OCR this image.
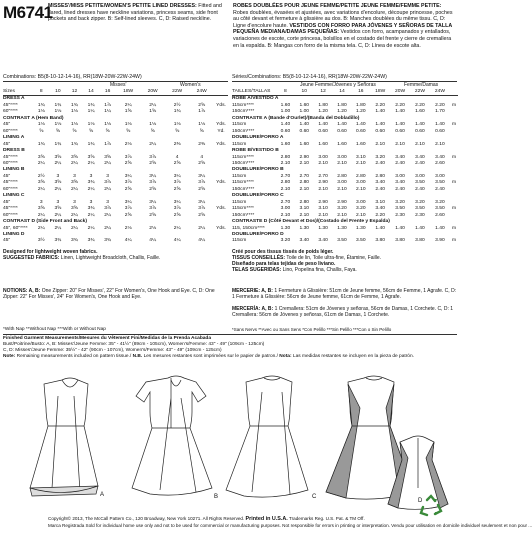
M6741
MISSES'/MISS PETITE/WOMEN'S PETITE LINED DRESSES: Fitted and flared, lined dresses have neckline variations, princess seams, side front pockets and back zipper. B: Self-lined sleeves. C, D: Raised neckline.
ROBES DOUBLÉES POUR JEUNE FEMME/PETITE JEUNE FEMME/FEMME PETITE: Robes doublées, évasées et ajustées, avec variations d'encolure, découpe princesse, poches au côté devant et fermeture à glissière au dos. B: Manches doublées du même tissu. C, D: Ligne d'encolure haute. VESTIDOS CON FORRO PARA JÓVENES Y SEÑORAS DE TALLA PEQUEÑA MEDIANA/DAMAS PEQUEÑAS: Vestidos con forro, acampanados y entallados, variaciones de escote, corte princesa, bolsillos en el costado del frente y cierre de cremallera en la espalda. B: Mangas con forro de la misma tela. C, D: Línea de escote alta.
Combinations: B5(8-10-12-14-16), RR(18W-20W-22W-24W)	Séries/Combinations: B5(8-10-12-14-16), RR(18W-20W-22W-24W)
Misses'	Women's	Jeune Femme/Jóvenes y Señoras	Femme/Damas
Sizes	8	10	12	14	16	18W	20W	22W	24W	
DRESS A										
45"****	1¾	1¾	1¾	1¾	1⅞	2¼	2¼	2½	2⅝	Yds.
60"****	1⅛	1⅛	1⅛	1¼	1¼	1⅝	1⅝	1¾	1⅞	
CONTRAST A (Hem Band)										
45"	1⅛	1⅛	1⅛	1⅛	1⅛	1⅛	1⅛	1⅛	1⅛	Yds.
60"****	⅝	⅝	⅝	⅝	⅝	⅝	⅝	⅝	⅝	Yd.
LINING A										
45"	1¾	1¾	1¾	1¾	1⅞	2⅛	2¼	2⅜	2⅜	Yds.
DRESS B										
45"****	3⅝	3⅝	3⅝	3⅝	3⅝	3⅞	3⅞	4	4	
60"****	2¼	2¼	2¼	2¼	2¼	2⅝	2⅝	2⅝	2⅝	
LINING B										
45"	2½	3	3	3	3	3¼	3¼	3¼	3¼	
45"****	3⅝	3⅝	3⅝	3¾	3⅞	3⅞	3⅞	3⅞	3⅞	Yds.
60"****	2¼	2¼	2¼	2¼	2¼	2⅝	2⅝	2⅝	2⅝	
LINING C										
45"	3	3	3	3	3	3¼	3¼	3¼	3¼	
45"****	3⅝	3⅝	3⅝	3¾	3⅞	3⅞	3⅞	3⅞	3⅞	Yds.
60"****	2¼	2¼	2¼	2¼	2¼	2⅝	2⅝	2⅝	2⅝	
CONTRAST D (Side Front and Back)										
45", 60"****	2¼	2¼	2¼	2¼	2¼	2⅛	2⅛	2¼	2¼	Yds.
LINING D										
45"	3½	3¾	3¾	3¾	3¾	4¼	4¼	4¼	4¼	
TAILLES/TALLAS	8	10	12	14	16	18W	20W	22W	24W	
ROBE A/VESTIDO A										
115cm****	1.60	1.60	1.80	1.80	1.80	2.20	2.20	2.20	2.20	m
150cm****	1.00	1.00	1.20	1.20	1.20	1.40	1.40	1.60	1.70	
CONTRASTE A (Bande d'Ourlet)/(Banda del Dobladillo)										
115cm	1.40	1.40	1.40	1.40	1.40	1.40	1.40	1.40	1.40	m
150cm****	0.60	0.60	0.60	0.60	0.60	0.60	0.60	0.60	0.60	
DOUBLURE/FORRO A										
115cm	1.60	1.60	1.60	1.60	1.60	2.10	2.10	2.10	2.10	
ROBE B/VESTIDO B										
115cm****	2.80	2.90	3.00	3.00	3.10	3.20	3.40	3.40	3.40	m
150cm****	2.10	2.10	2.10	2.10	2.10	2.40	2.40	2.40	2.60	
DOUBLURE/FORRO B										
115cm	2.70	2.70	2.70	2.80	2.80	2.80	3.00	3.00	3.00	
115cm****	2.80	2.80	2.90	3.00	3.00	3.40	3.40	3.50	3.50	m
150cm****	2.10	2.10	2.10	2.10	2.10	2.40	2.40	2.40	2.40	
DOUBLURE/FORRO C										
115cm	2.70	2.80	2.90	2.90	3.00	3.10	3.20	3.20	3.20	
115cm****	3.00	3.10	3.10	3.20	3.20	3.40	3.50	3.50	3.50	m
150cm****	2.10	2.10	2.10	2.10	2.10	2.20	2.30	2.30	2.60	
CONTRASTE D (Côté Devant et Dos)/(Costado del Frente y Espalda)										
115, 150cm****	1.30	1.30	1.30	1.30	1.30	1.40	1.40	1.40	1.40	m
DOUBLURE/FORRO D										
115cm	3.20	3.40	3.40	3.50	3.50	3.80	3.80	3.80	3.90	m
Designed for lightweight woven fabrics.
SUGGESTED FABRICS: Linen, Lightweight Broadcloth, Challis, Faille.
NOTIONS: A, B: One Zipper: 20" For Misses', 22" For Women's, One Hook and Eye. C, D: One Zipper: 22" For Misses', 24" For Women's, One Hook and Eye.
Créé pour des tissus tissés de poids léger.
TISSUS CONSEILLÉS: Toile de lin, Toile ultra-fine, Étamine, Faille.
Diseñado para telas tejidas de peso liviano.
TELAS SUGERIDAS: Lino, Popelina fina, Challis, Faya.
MERCERIE: A, B: 1 Fermeture à Glissière: 51cm de Jeune femme, 56cm de Femme, 1 Agrafe. C, D: 1 Fermeture à Glissière: 56cm de Jeune femme, 61cm de Femme, 1 Agrafe.
MERCERÍA: A, B: 1 Cremallera: 51cm de Jóvenes y señoras, 56cm de Damas, 1 Corchete. C, D: 1 Cremallera: 56cm de Jóvenes y señoras, 61cm de Damas, 1 Corchete.
*With Nap **Without Nap ***With or Without Nap	*Sans Nervs **Avec ou Sans Sens *Con Pelillo ***Sin Pelillo ***Con o Sin Pelillo
Finished Garment Measurements/Mesures du Vêtement Fini/Medidas de la Prenda Acabada
Bust/Poitrine/Busto: A, B: Misses'/Jeune Femme: 35" - 41½" (89cm - 105cm), Women's/Femme: 43" - 49" (109cm - 125cm)
C, D: Misses'/Jeune Femme: 35½" - 42" (90cm - 107cm), Women's/Femme: 43" - 49" (109cm - 125cm)
Note: Remaining measurements included on pattern tissue./ N.B. Les mesures restantes sont imprimées sur le papier de patron./ Nota: Las medidas restantes se incluyen en la pieza de patrón.
A	B	C
D
Copyright© 2013, The McCall Pattern Co., 120 Broadway, New York 10271. All Rights Reserved. Printed in U.S.A. Trademarks Reg. U.S. Pat. & TM Off.
Marca Registrada Sold for individual home use only and not to be used for commercial or manufacturing purposes. Not responsible for errors in printing or interpretation. Vendu pour utilisation en domicile individuel seulement et non pour ...
